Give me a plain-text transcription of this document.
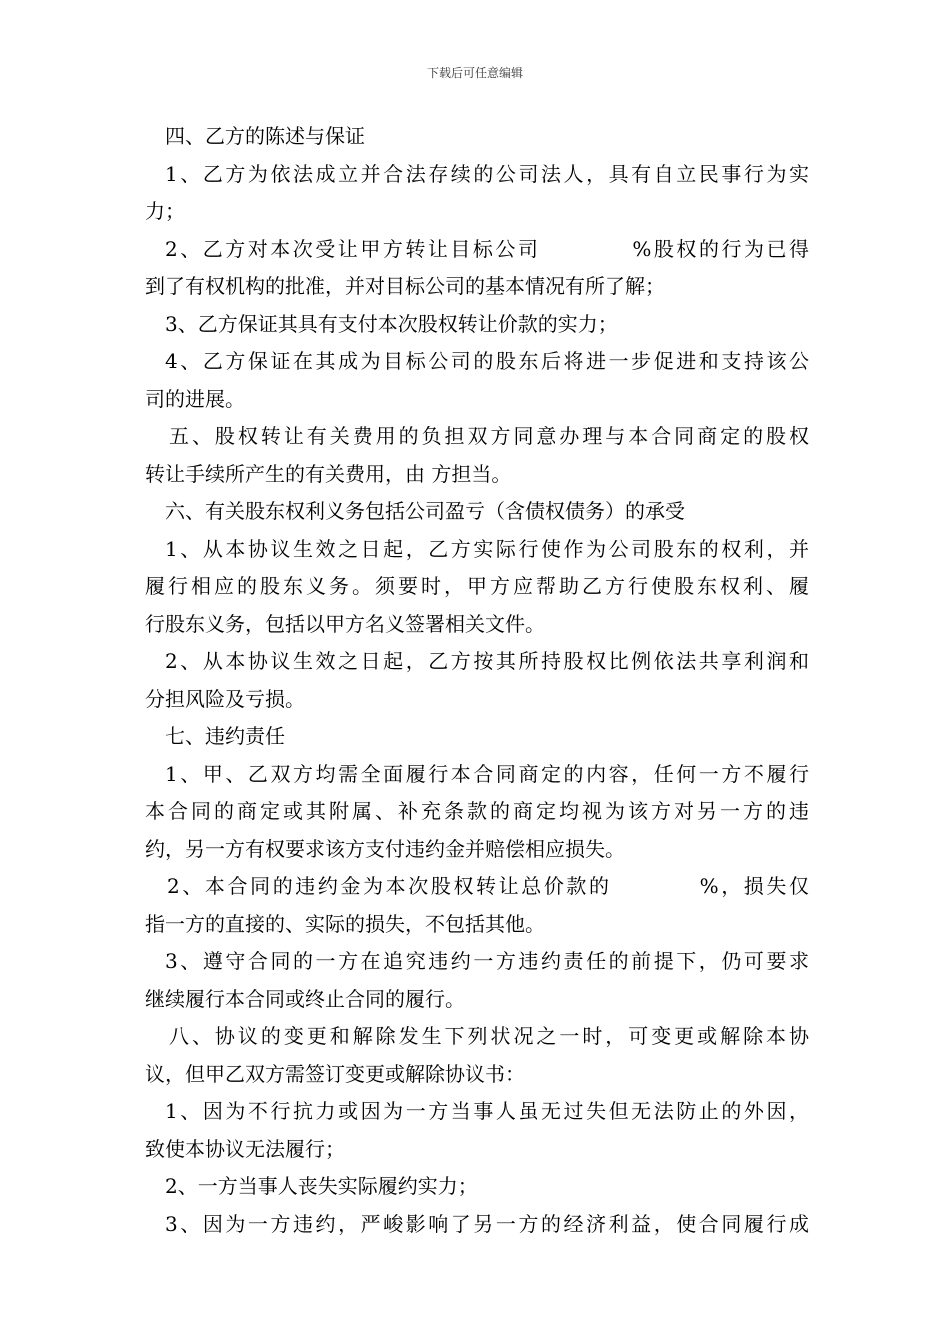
下载后可任意编辑
四、乙方的陈述与保证
1、乙方为依法成立并合法存续的公司法人，具有自立民事行为实
力；
2、乙方对本次受让甲方转让目标公司	%股权的行为已得
到了有权机构的批准，并对目标公司的基本情况有所了解；
3、乙方保证其具有支付本次股权转让价款的实力；
4、乙方保证在其成为目标公司的股东后将进一步促进和支持该公
司的进展。
五、股权转让有关费用的负担双方同意办理与本合同商定的股权
转让手续所产生的有关费用，由 方担当。
六、有关股东权利义务包括公司盈亏（含债权债务）的承受
1、从本协议生效之日起，乙方实际行使作为公司股东的权利，并
履行相应的股东义务。须要时，甲方应帮助乙方行使股东权利、履
行股东义务，包括以甲方名义签署相关文件。
2、从本协议生效之日起，乙方按其所持股权比例依法共享利润和
分担风险及亏损。
七、违约责任
1、甲、乙双方均需全面履行本合同商定的内容，任何一方不履行
本合同的商定或其附属、补充条款的商定均视为该方对另一方的违
约，另一方有权要求该方支付违约金并赔偿相应损失。
2、本合同的违约金为本次股权转让总价款的	%，损失仅
指一方的直接的、实际的损失，不包括其他。
3、遵守合同的一方在追究违约一方违约责任的前提下，仍可要求
继续履行本合同或终止合同的履行。
八、协议的变更和解除发生下列状况之一时，可变更或解除本协
议，但甲乙双方需签订变更或解除协议书：
1、因为不行抗力或因为一方当事人虽无过失但无法防止的外因，
致使本协议无法履行；
2、一方当事人丧失实际履约实力；
3、因为一方违约，严峻影响了另一方的经济利益，使合同履行成
